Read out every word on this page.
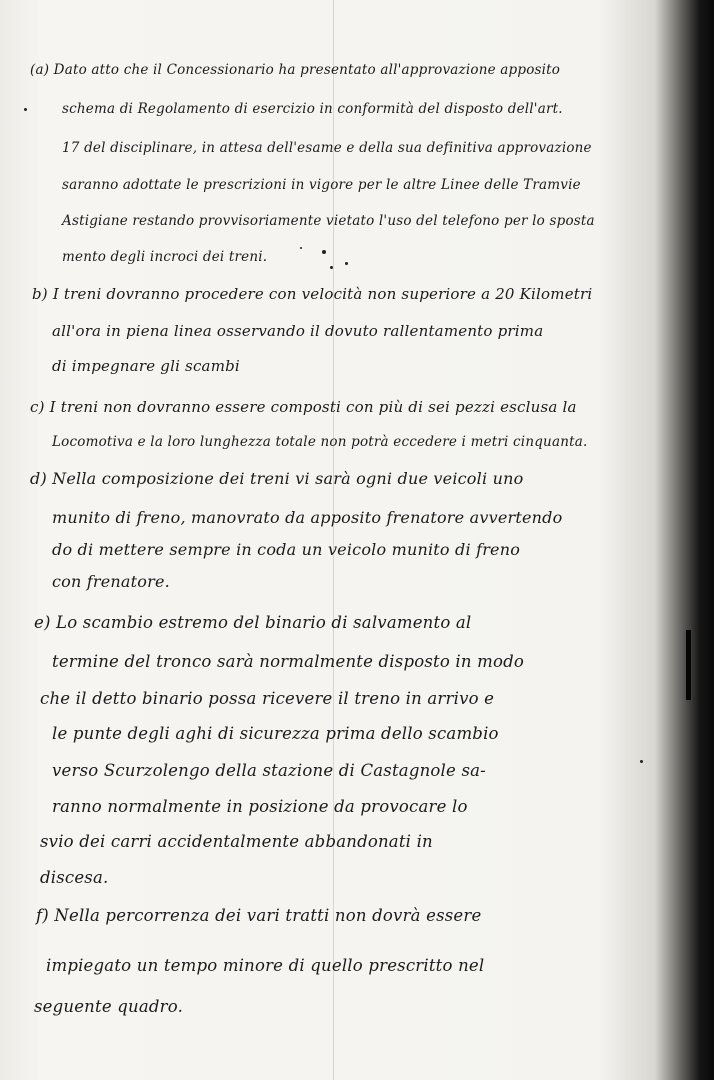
(a) Dato atto che il Concessionario ha presentato all'approvazione apposito
schema di Regolamento di esercizio in conformità del disposto dell'art.
17 del disciplinare, in attesa dell'esame e della sua definitiva approvazione
saranno adottate le prescrizioni in vigore per le altre Linee delle Tramvie
Astigiane restando provvisoriamente vietato l'uso del telefono per lo sposta
mento degli incroci dei treni.
b) I treni dovranno procedere con velocità non superiore a 20 Kilometri
all'ora in piena linea osservando il dovuto rallentamento prima
di impegnare gli scambi
c) I treni non dovranno essere composti con più di sei pezzi esclusa la
Locomotiva e la loro lunghezza totale non potrà eccedere i metri cinquanta.
d) Nella composizione dei treni vi sarà ogni due veicoli uno
munito di freno, manovrato da apposito frenatore avvertendo
do di mettere sempre in coda un veicolo munito di freno
con frenatore.
e) Lo scambio estremo del binario di salvamento al
termine del tronco sarà normalmente disposto in modo
che il detto binario possa ricevere il treno in arrivo e
le punte degli aghi di sicurezza prima dello scambio
verso Scurzolengo della stazione di Castagnole sa-
ranno normalmente in posizione da provocare lo
svio dei carri accidentalmente abbandonati in
discesa.
f) Nella percorrenza dei vari tratti non dovrà essere
impiegato un tempo minore di quello prescritto nel
seguente quadro.
